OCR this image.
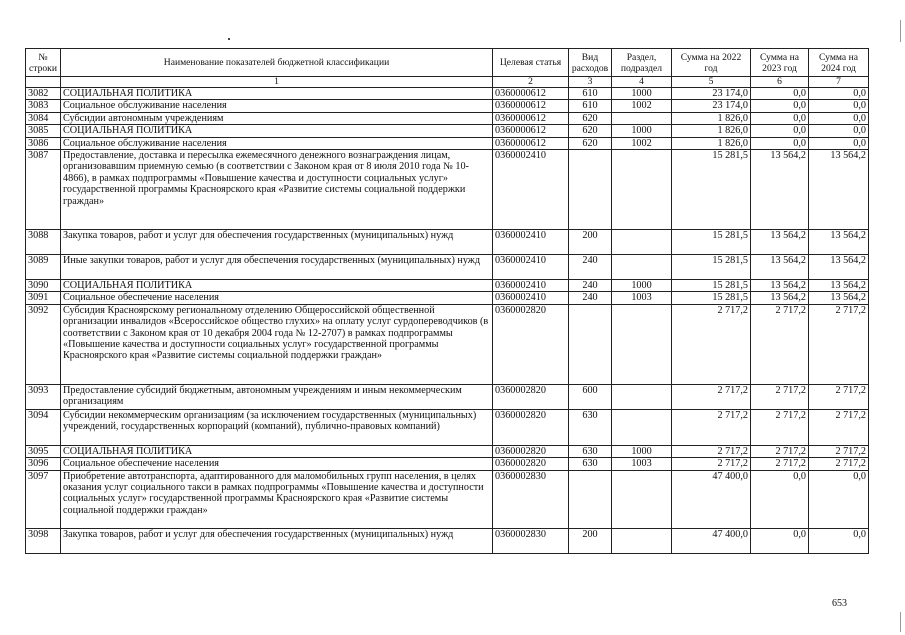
№ строки	Наименование показателей бюджетной классификации	Целевая статья	Вид расходов	Раздел, подраздел	Сумма на 2022 год	Сумма на 2023 год	Сумма на 2024 год
	1	2	3	4	5	6	7
3082	СОЦИАЛЬНАЯ ПОЛИТИКА	0360000612	610	1000	23 174,0	0,0	0,0
3083	Социальное обслуживание населения	0360000612	610	1002	23 174,0	0,0	0,0
3084	Субсидии автономным учреждениям	0360000612	620		1 826,0	0,0	0,0
3085	СОЦИАЛЬНАЯ ПОЛИТИКА	0360000612	620	1000	1 826,0	0,0	0,0
3086	Социальное обслуживание населения	0360000612	620	1002	1 826,0	0,0	0,0
3087	Предоставление, доставка и пересылка ежемесячного денежного вознаграждения лицам, организовавшим приемную семью (в соответствии с Законом края от 8 июля 2010 года № 10-4866), в рамках подпрограммы «Повышение качества и доступности социальных услуг» государственной программы Красноярского края «Развитие системы социальной поддержки граждан»	0360002410			15 281,5	13 564,2	13 564,2
3088	Закупка товаров, работ и услуг для обеспечения государственных (муниципальных) нужд	0360002410	200		15 281,5	13 564,2	13 564,2
3089	Иные закупки товаров, работ и услуг для обеспечения государственных (муниципальных) нужд	0360002410	240		15 281,5	13 564,2	13 564,2
3090	СОЦИАЛЬНАЯ ПОЛИТИКА	0360002410	240	1000	15 281,5	13 564,2	13 564,2
3091	Социальное обеспечение населения	0360002410	240	1003	15 281,5	13 564,2	13 564,2
3092	Субсидия Красноярскому региональному отделению Общероссийской общественной организации инвалидов «Всероссийское общество глухих» на оплату услуг сурдопереводчиков (в соответствии с Законом края от 10 декабря 2004 года № 12-2707) в рамках подпрограммы «Повышение качества и доступности социальных услуг» государственной программы Красноярского края «Развитие системы социальной поддержки граждан»	0360002820			2 717,2	2 717,2	2 717,2
3093	Предоставление субсидий бюджетным, автономным учреждениям и иным некоммерческим организациям	0360002820	600		2 717,2	2 717,2	2 717,2
3094	Субсидии некоммерческим организациям (за исключением государственных (муниципальных) учреждений, государственных корпораций (компаний), публично-правовых компаний)	0360002820	630		2 717,2	2 717,2	2 717,2
3095	СОЦИАЛЬНАЯ ПОЛИТИКА	0360002820	630	1000	2 717,2	2 717,2	2 717,2
3096	Социальное обеспечение населения	0360002820	630	1003	2 717,2	2 717,2	2 717,2
3097	Приобретение автотранспорта, адаптированного для маломобильных групп населения, в целях оказания услуг социального такси в рамках подпрограммы «Повышение качества и доступности социальных услуг» государственной программы Красноярского края «Развитие системы социальной поддержки граждан»	0360002830			47 400,0	0,0	0,0
3098	Закупка товаров, работ и услуг для обеспечения государственных (муниципальных) нужд	0360002830	200		47 400,0	0,0	0,0
653
